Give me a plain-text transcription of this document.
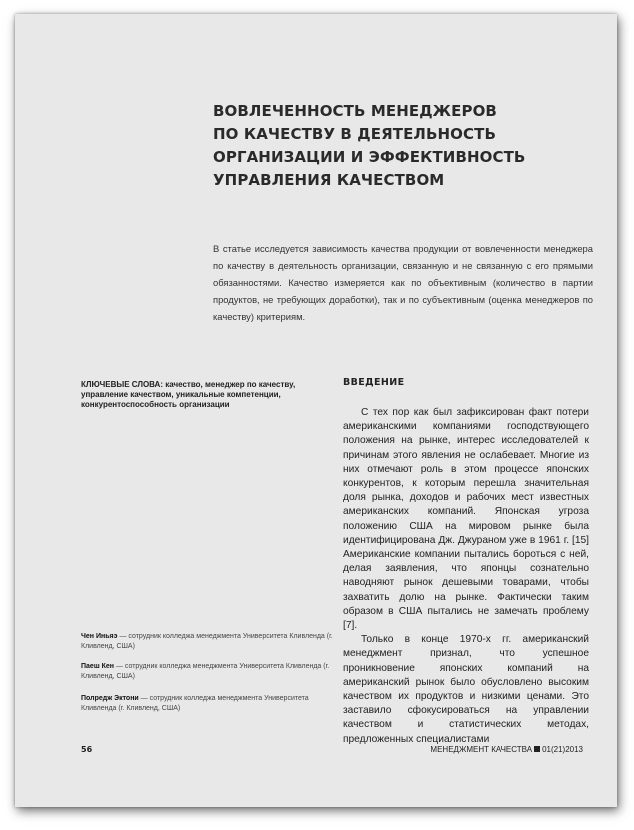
ВОВЛЕЧЕННОСТЬ МЕНЕДЖЕРОВ
ПО КАЧЕСТВУ В ДЕЯТЕЛЬНОСТЬ
ОРГАНИЗАЦИИ И ЭФФЕКТИВНОСТЬ
УПРАВЛЕНИЯ КАЧЕСТВОМ

В статье исследуется зависимость качества продукции от вовлеченности менеджера по качеству в деятельность организации, связанную и не связанную с его прямыми обязанностями. Качество измеряется как по объективным (количество в партии продуктов, не требующих доработки), так и по субъективным (оценка менеджеров по качеству) критериям.

КЛЮЧЕВЫЕ СЛОВА: качество, менеджер по качеству, управление качеством, уникальные компетенции, конкурентоспособность организации

ВВЕДЕНИЕ

С тех пор как был зафиксирован факт потери американскими компаниями господствующего положения на рынке, интерес исследователей к причинам этого явления не ослабевает. Многие из них отмечают роль в этом процессе японских конкурентов, к которым перешла значительная доля рынка, доходов и рабочих мест известных американских компаний. Японская угроза положению США на мировом рынке была идентифицирована Дж. Джураном уже в 1961 г. [15] Американские компании пытались бороться с ней, делая заявления, что японцы сознательно наводняют рынок дешевыми товарами, чтобы захватить долю на рынке. Фактически таким образом в США пытались не замечать проблему [7].

Только в конце 1970-х гг. американский менеджмент признал, что успешное проникновение японских компаний на американский рынок было обусловлено высоким качеством их продуктов и низкими ценами. Это заставило сфокусироваться на управлении качеством и статистических методах, предложенных специалистами

Чен Иньяэ — сотрудник колледжа менеджмента Университета Кливленда (г. Кливленд, США)

Паеш Кен — сотрудник колледжа менеджмента Университета Кливленда (г. Кливленд, США)

Полредж Эктони — сотрудник колледжа менеджмента Университета Кливленда (г. Кливленд, США)

56	МЕНЕДЖМЕНТ КАЧЕСТВА 01(21)2013
